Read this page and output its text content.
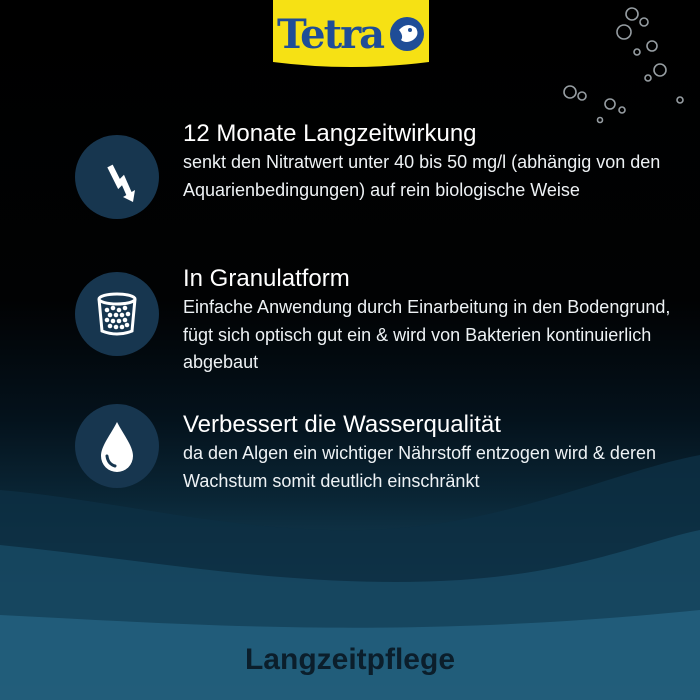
Tetra
12 Monate Langzeitwirkung
senkt den Nitratwert unter 40 bis 50 mg/l (abhängig von den Aquarienbedingungen) auf rein biologische Weise
In Granulatform
Einfache Anwendung durch Einarbeitung in den Bodengrund, fügt sich optisch gut ein & wird von Bakterien kontinuierlich abgebaut
Verbessert die Wasserqualität
da den Algen ein wichtiger Nährstoff entzogen wird & deren Wachstum somit deutlich einschränkt
Langzeitpflege
